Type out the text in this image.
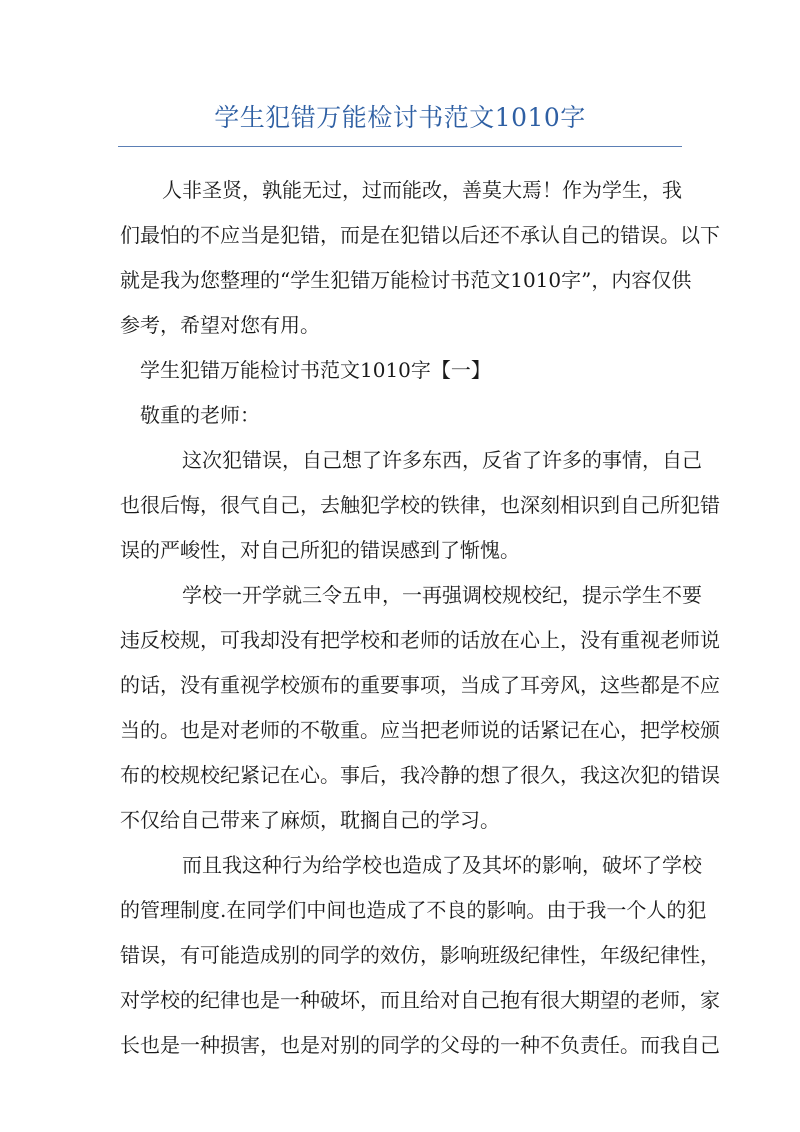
学生犯错万能检讨书范文1010字
人非圣贤，孰能无过，过而能改，善莫大焉！作为学生，我
们最怕的不应当是犯错，而是在犯错以后还不承认自己的错误。以下
就是我为您整理的“学生犯错万能检讨书范文1010字”，内容仅供
参考，希望对您有用。
学生犯错万能检讨书范文1010字【一】
敬重的老师：
这次犯错误，自己想了许多东西，反省了许多的事情，自己
也很后悔，很气自己，去触犯学校的铁律，也深刻相识到自己所犯错
误的严峻性，对自己所犯的错误感到了惭愧。
学校一开学就三令五申，一再强调校规校纪，提示学生不要
违反校规，可我却没有把学校和老师的话放在心上，没有重视老师说
的话，没有重视学校颁布的重要事项，当成了耳旁风，这些都是不应
当的。也是对老师的不敬重。应当把老师说的话紧记在心，把学校颁
布的校规校纪紧记在心。事后，我冷静的想了很久，我这次犯的错误
不仅给自己带来了麻烦，耽搁自己的学习。
而且我这种行为给学校也造成了及其坏的影响，破坏了学校
的管理制度.在同学们中间也造成了不良的影响。由于我一个人的犯
错误，有可能造成别的同学的效仿，影响班级纪律性，年级纪律性，
对学校的纪律也是一种破坏，而且给对自己抱有很大期望的老师，家
长也是一种损害，也是对别的同学的父母的一种不负责任。而我自己
